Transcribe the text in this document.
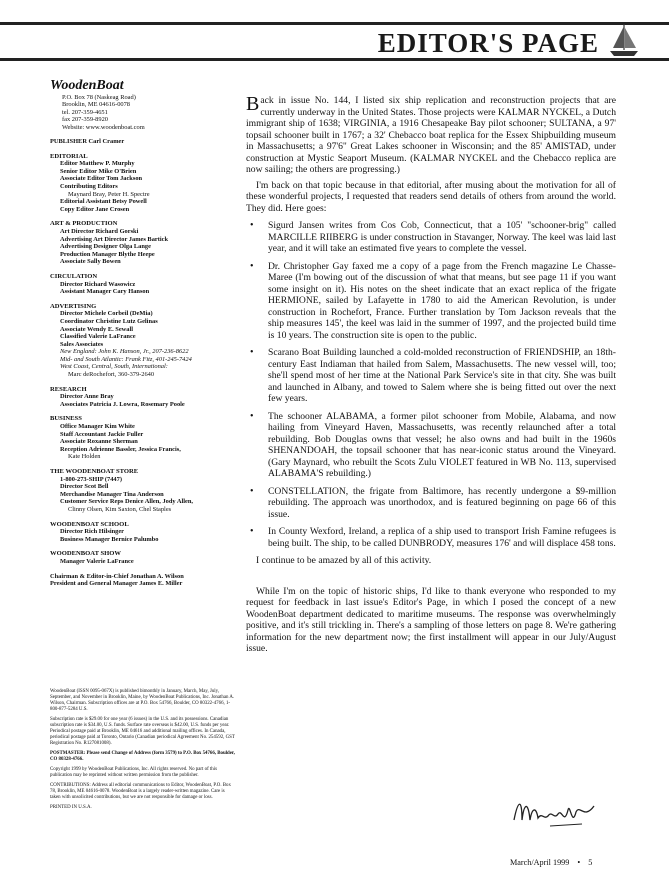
EDITOR'S PAGE
WoodenBoat
P.O. Box 78 (Naskeag Road)
Brooklin, ME 04616-0078
tel. 207-359-4651
fax 207-359-8920
Website: www.woodenboat.com
PUBLISHER Carl Cramer
EDITORIAL
Editor Matthew P. Murphy
Senior Editor Mike O'Brien
Associate Editor Tom Jackson
Contributing Editors
Maynard Bray, Peter H. Spectre
Editorial Assistant Betsy Powell
Copy Editor Jane Crosen
ART & PRODUCTION
Art Director Richard Gorski
Advertising Art Director James Bartick
Advertising Designer Olga Lange
Production Manager Blythe Heepe
Associate Sally Bowen
CIRCULATION
Director Richard Wasowicz
Assistant Manager Cary Hanson
ADVERTISING
Director Michele Corbeil (DeMia)
Coordinator Christine Lutz Gelinas
Associate Wendy E. Sewall
Classified Valerie LaFrance
Sales Associates
New England: John K. Hanson, Jr., 207-236-8622
Mid- and South Atlantic: Frank Fitz, 401-245-7424
West Coast, Central, South, International:
Marc deRochefort, 360-379-2640
RESEARCH
Director Anne Bray
Associates Patricia J. Lowra, Rosemary Poole
BUSINESS
Office Manager Kim White
Staff Accountant Jackie Fuller
Associate Roxanne Sherman
Reception Adrienne Bassler, Jessica Francis,
Kate Holden
THE WOODENBOAT STORE
1-800-273-SHIP (7447)
Director Scot Bell
Merchandise Manager Tina Anderson
Customer Service Reps Denice Allen, Jody Allen,
Clinny Olsen, Kim Saxton, Chel Staples
WOODENBOAT SCHOOL
Director Rich Hilsinger
Business Manager Bernice Palumbo
WOODENBOAT SHOW
Manager Valerie LaFrance
Chairman & Editor-in-Chief Jonathan A. Wilson
President and General Manager James E. Miller

WoodenBoat (ISSN 0095-067X) is published bimonthly in January, March, May, July, September, and November in Brooklin, Maine, by WoodenBoat Publications, Inc. Jonathan A. Wilson, Chairman. Subscription offices are at P.O. Box 54766, Boulder, CO 80322-4766, 1-800-877-5284 U.S.

Subscription rate is $29.00 for one year (6 issues) in the U.S. and its possessions. Canadian subscription rate is $34.00, U.S. funds. Surface rate overseas is $42.00, U.S. funds per year. Periodical postage paid at Brooklin, ME 04616 and additional mailing offices. In Canada, periodical postage paid at Toronto, Ontario (Canadian periodical Agreement No. 254592, GST Registration No. R127081008).

POSTMASTER: Please send Change of Address (form 3579) to P.O. Box 54766, Boulder, CO 80328-4766.

Copyright 1999 by WoodenBoat Publications, Inc. All rights reserved. No part of this publication may be reprinted without written permission from the publisher.

CONTRIBUTIONS: Address all editorial communications to Editor, WoodenBoat, P.O. Box 78, Brooklin, ME 04616-0078. WoodenBoat is a largely reader-written magazine. Care is taken with unsolicited contributions, but we are not responsible for damage or loss.

PRINTED IN U.S.A.

Back in issue No. 144, I listed six ship replication and reconstruction projects that are currently underway in the United States. Those projects were KALMAR NYCKEL, a Dutch immigrant ship of 1638; VIRGINIA, a 1916 Chesapeake Bay pilot schooner; SULTANA, a 97' topsail schooner built in 1767; a 32' Chebacco boat replica for the Essex Shipbuilding museum in Massachusetts; a 97'6" Great Lakes schooner in Wisconsin; and the 85' AMISTAD, under construction at Mystic Seaport Museum. (KALMAR NYCKEL and the Chebacco replica are now sailing; the others are progressing.)

I'm back on that topic because in that editorial, after musing about the motivation for all of these wonderful projects, I requested that readers send details of others from around the world. They did. Here goes:

• Sigurd Jansen writes from Cos Cob, Connecticut, that a 105' "schooner-brig" called MARCILLE RIIBERG is under construction in Stavanger, Norway. The keel was laid last year, and it will take an estimated five years to complete the vessel.
• Dr. Christopher Gay faxed me a copy of a page from the French magazine Le Chasse-Maree (I'm bowing out of the discussion of what that means, but see page 11 if you want some insight on it). His notes on the sheet indicate that an exact replica of the frigate HERMIONE, sailed by Lafayette in 1780 to aid the American Revolution, is under construction in Rochefort, France. Further translation by Tom Jackson reveals that the ship measures 145', the keel was laid in the summer of 1997, and the projected build time is 10 years. The construction site is open to the public.
• Scarano Boat Building launched a cold-molded reconstruction of FRIENDSHIP, an 18th-century East Indiaman that hailed from Salem, Massachusetts. The new vessel will, too; she'll spend most of her time at the National Park Service's site in that city. She was built and launched in Albany, and towed to Salem where she is being fitted out over the next few years.
• The schooner ALABAMA, a former pilot schooner from Mobile, Alabama, and now hailing from Vineyard Haven, Massachusetts, was recently relaunched after a total rebuilding. Bob Douglas owns that vessel; he also owns and had built in the 1960s SHENANDOAH, the topsail schooner that has near-iconic status around the Vineyard. (Gary Maynard, who rebuilt the Scots Zulu VIOLET featured in WB No. 113, supervised ALABAMA'S rebuilding.)
• CONSTELLATION, the frigate from Baltimore, has recently undergone a $9-million rebuilding. The approach was unorthodox, and is featured beginning on page 66 of this issue.
• In County Wexford, Ireland, a replica of a ship used to transport Irish Famine refugees is being built. The ship, to be called DUNBRODY, measures 176' and will displace 458 tons.

I continue to be amazed by all of this activity.

While I'm on the topic of historic ships, I'd like to thank everyone who responded to my request for feedback in last issue's Editor's Page, in which I posed the concept of a new WoodenBoat department dedicated to maritime museums. The response was overwhelmingly positive, and it's still trickling in. There's a sampling of those letters on page 8. We're gathering information for the new department now; the first installment will appear in our July/August issue.

March/April 1999 • 5
